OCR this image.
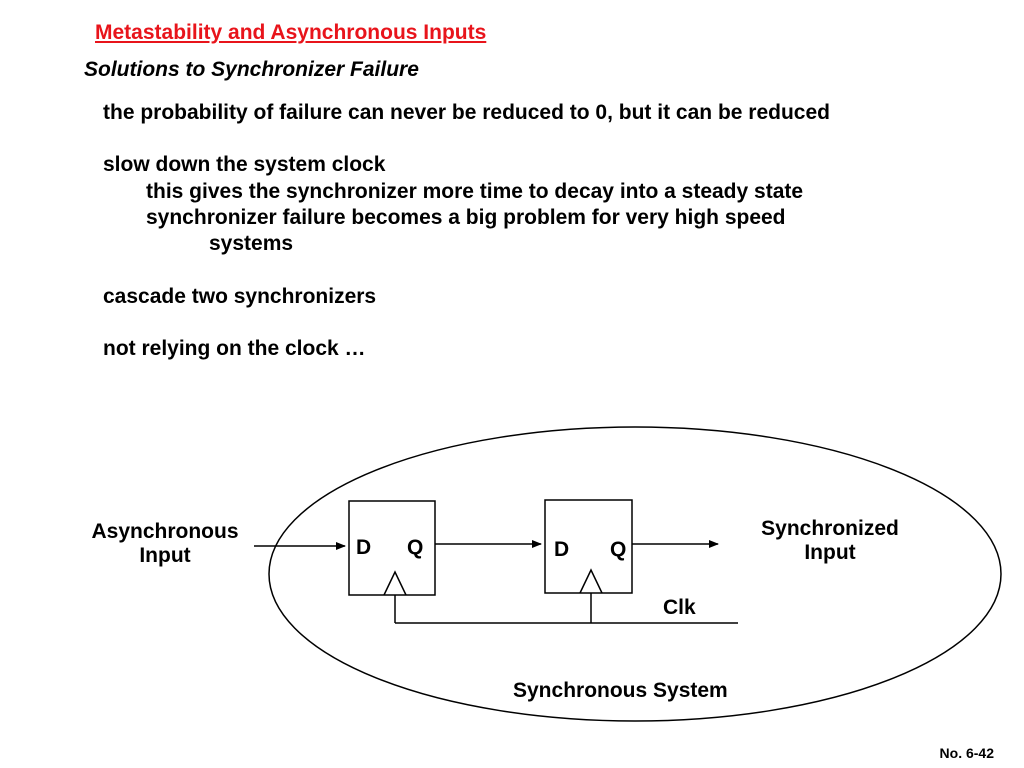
Metastability and Asynchronous Inputs
Solutions to Synchronizer Failure
the probability of failure can never be reduced to 0, but it can be reduced
slow down the system clock
this gives the synchronizer more time to decay into a steady state
synchronizer failure becomes a big problem for very high speed
systems
cascade two synchronizers
not relying on the clock …
D Q	D Q
Asynchronous
Input
Synchronized
Input
Clk
Synchronous System
No. 6-42
